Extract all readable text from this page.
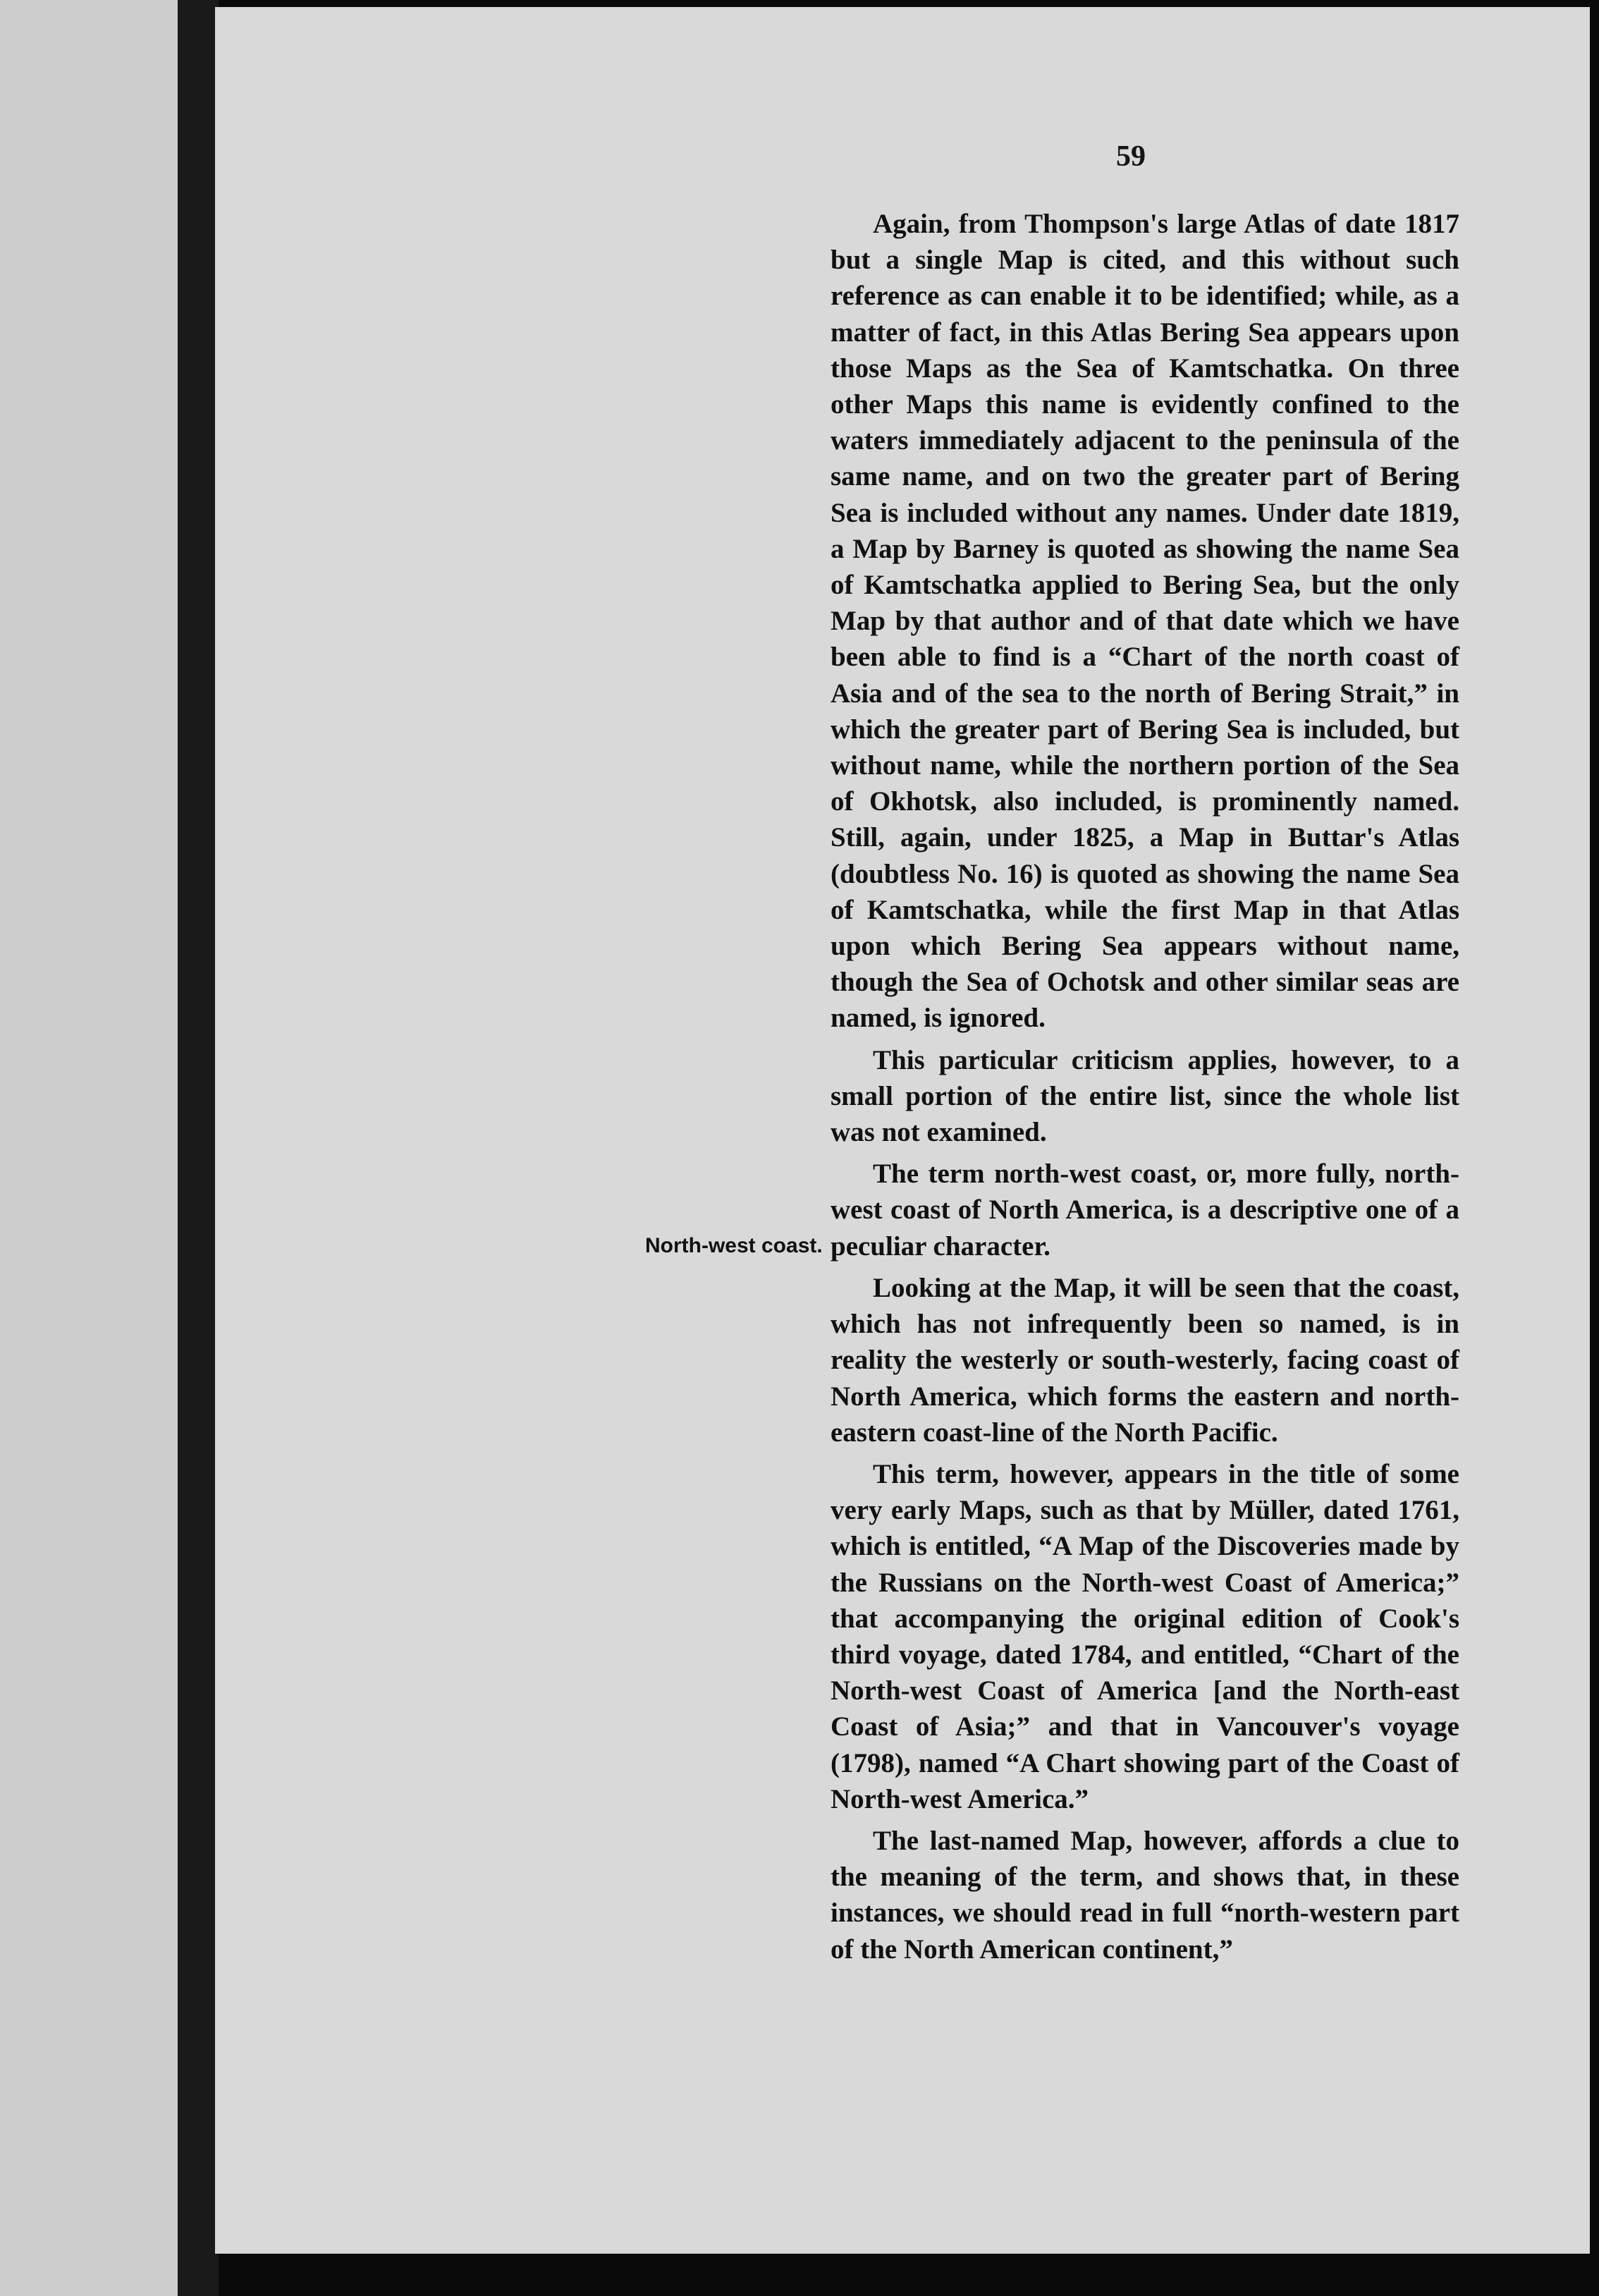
59
North-west coast.

Again, from Thompson's large Atlas of date 1817 but a single Map is cited, and this without such reference as can enable it to be identified; while, as a matter of fact, in this Atlas Bering Sea appears upon those Maps as the Sea of Kamtschatka. On three other Maps this name is evidently confined to the waters immediately adjacent to the peninsula of the same name, and on two the greater part of Bering Sea is included without any names. Under date 1819, a Map by Barney is quoted as showing the name Sea of Kamtschatka applied to Bering Sea, but the only Map by that author and of that date which we have been able to find is a “Chart of the north coast of Asia and of the sea to the north of Bering Strait,” in which the greater part of Bering Sea is included, but without name, while the northern portion of the Sea of Okhotsk, also included, is prominently named. Still, again, under 1825, a Map in Buttar's Atlas (doubtless No. 16) is quoted as showing the name Sea of Kamtschatka, while the first Map in that Atlas upon which Bering Sea appears without name, though the Sea of Ochotsk and other similar seas are named, is ignored.

This particular criticism applies, however, to a small portion of the entire list, since the whole list was not examined.

The term north-west coast, or, more fully, north-west coast of North America, is a descriptive one of a peculiar character.

Looking at the Map, it will be seen that the coast, which has not infrequently been so named, is in reality the westerly or south-westerly, facing coast of North America, which forms the eastern and north-eastern coast-line of the North Pacific.

This term, however, appears in the title of some very early Maps, such as that by Müller, dated 1761, which is entitled, “A Map of the Discoveries made by the Russians on the North-west Coast of America;” that accompanying the original edition of Cook's third voyage, dated 1784, and entitled, “Chart of the North-west Coast of America [and the North-east Coast of Asia;” and that in Vancouver's voyage (1798), named “A Chart showing part of the Coast of North-west America.”

The last-named Map, however, affords a clue to the meaning of the term, and shows that, in these instances, we should read in full “north-western part of the North American continent,”
